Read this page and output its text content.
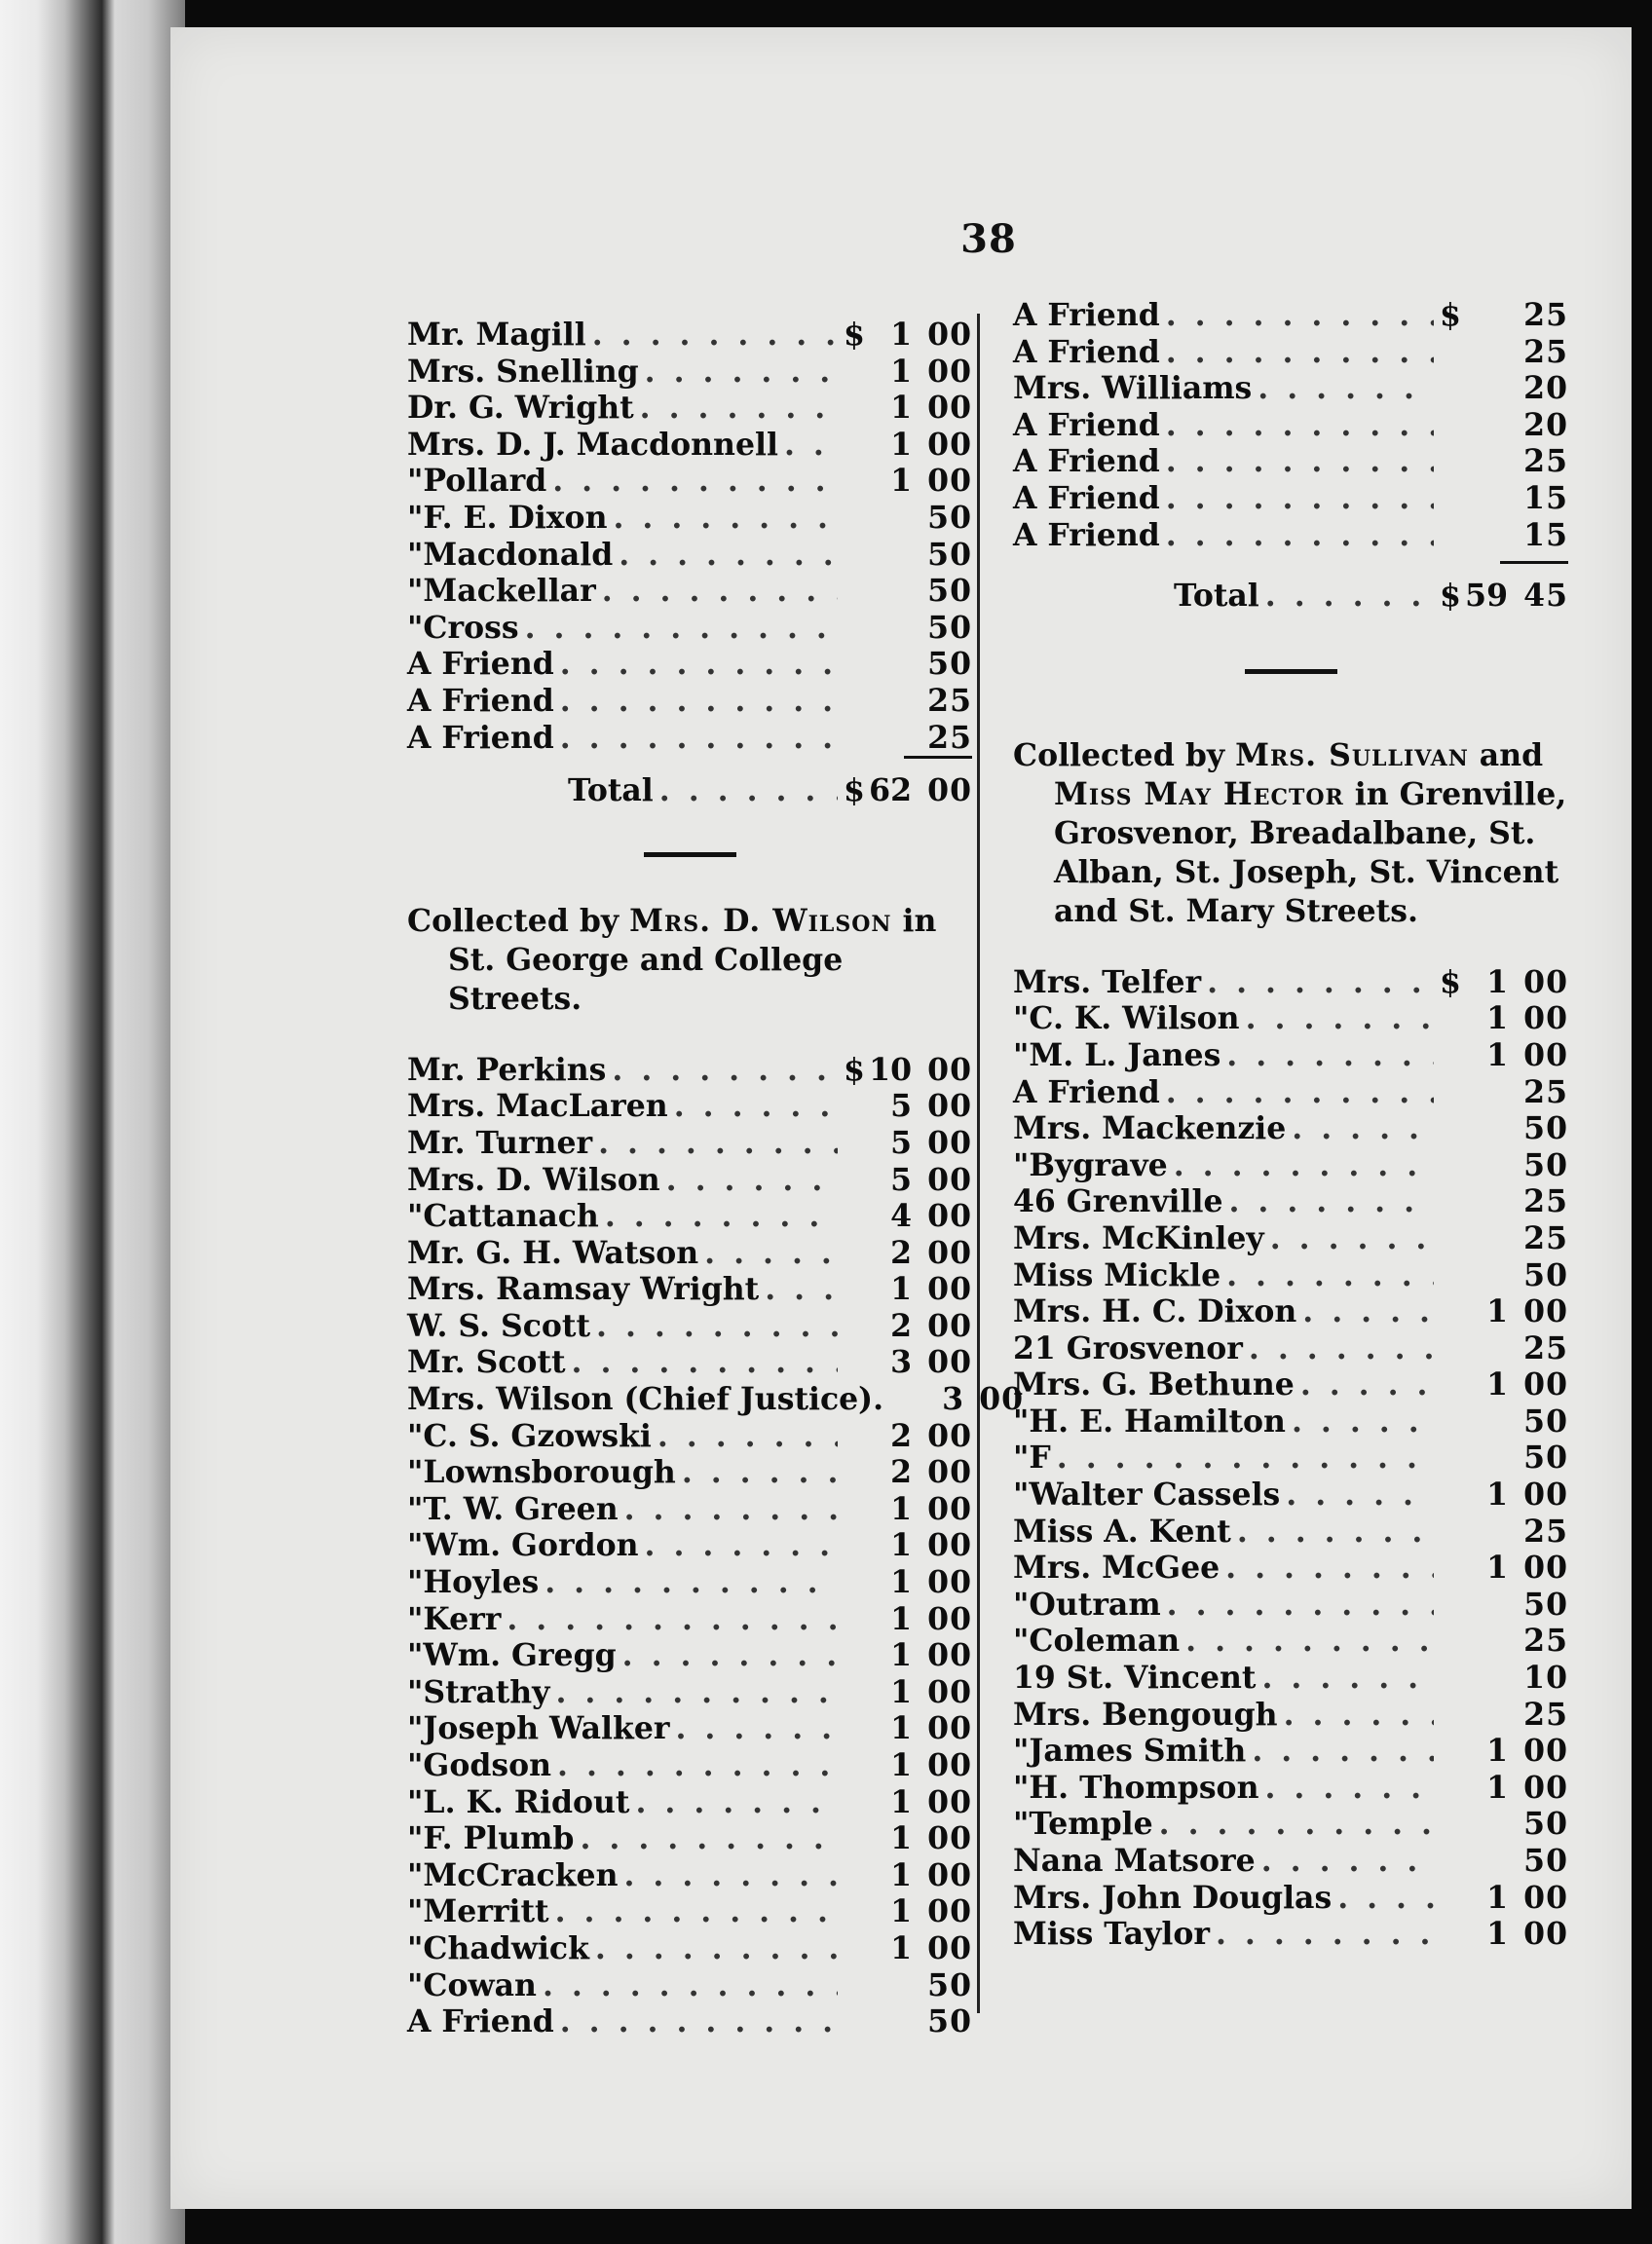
38
Mr. Magill . . .	$ 1 00
Mrs. Snelling . . .	1 00
Dr. G. Wright . . .	1 00
Mrs. D. J. Macdonnell . . .	1 00
" Pollard . . .	1 00
" F. E. Dixon . . .	50
" Macdonald . . .	50
" Mackellar . . .	50
" Cross . . .	50
A Friend . . .	50
A Friend . . .	25
A Friend . . .	25
Total . . .	$ 62 00
Collected by Mrs. D. Wilson in St. George and College Streets.
Mr. Perkins . . .	$ 10 00
Mrs. MacLaren . . .	5 00
Mr. Turner . . .	5 00
Mrs. D. Wilson . . .	5 00
" Cattanach . . .	4 00
Mr. G. H. Watson . . .	2 00
Mrs. Ramsay Wright . . .	1 00
W. S. Scott . . .	2 00
Mr. Scott . . .	3 00
Mrs. Wilson (Chief Justice).	3 00
" C. S. Gzowski . . .	2 00
" Lownsborough . . .	2 00
" T. W. Green . . .	1 00
" Wm. Gordon . . .	1 00
" Hoyles . . .	1 00
" Kerr . . .	1 00
" Wm. Gregg . . .	1 00
" Strathy . . .	1 00
" Joseph Walker . . .	1 00
" Godson . . .	1 00
" L. K. Ridout . . .	1 00
" F. Plumb . . .	1 00
" McCracken . . .	1 00
" Merritt . . .	1 00
" Chadwick . . .	1 00
" Cowan . . .	50
A Friend . . .	50
A Friend . . .	$	25
A Friend . . .	25
Mrs. Williams . . .	20
A Friend . . .	20
A Friend . . .	25
A Friend . . .	15
A Friend . . .	15
Total . . .	$ 59 45
Collected by Mrs. Sullivan and Miss May Hector in Grenville, Grosvenor, Breadalbane, St. Alban, St. Joseph, St. Vincent and St. Mary Streets.
Mrs. Telfer . . .	$ 1 00
" C. K. Wilson . . .	1 00
" M. L. Janes . . .	1 00
A Friend . . .	25
Mrs. Mackenzie . . .	50
" Bygrave . . .	50
46 Grenville . . .	25
Mrs. McKinley . . .	25
Miss Mickle . . .	50
Mrs. H. C. Dixon . . .	1 00
21 Grosvenor . . .	25
Mrs. G. Bethune . . .	1 00
" H. E. Hamilton . . .	50
" F . . .	50
" Walter Cassels . . .	1 00
Miss A. Kent . . .	25
Mrs. McGee . . .	1 00
" Outram . . .	50
" Coleman . . .	25
19 St. Vincent . . .	10
Mrs. Bengough . . .	25
" James Smith . . .	1 00
" H. Thompson . . .	1 00
" Temple . . .	50
Nana Matsore . . .	50
Mrs. John Douglas . . .	1 00
Miss Taylor . . .	1 00
